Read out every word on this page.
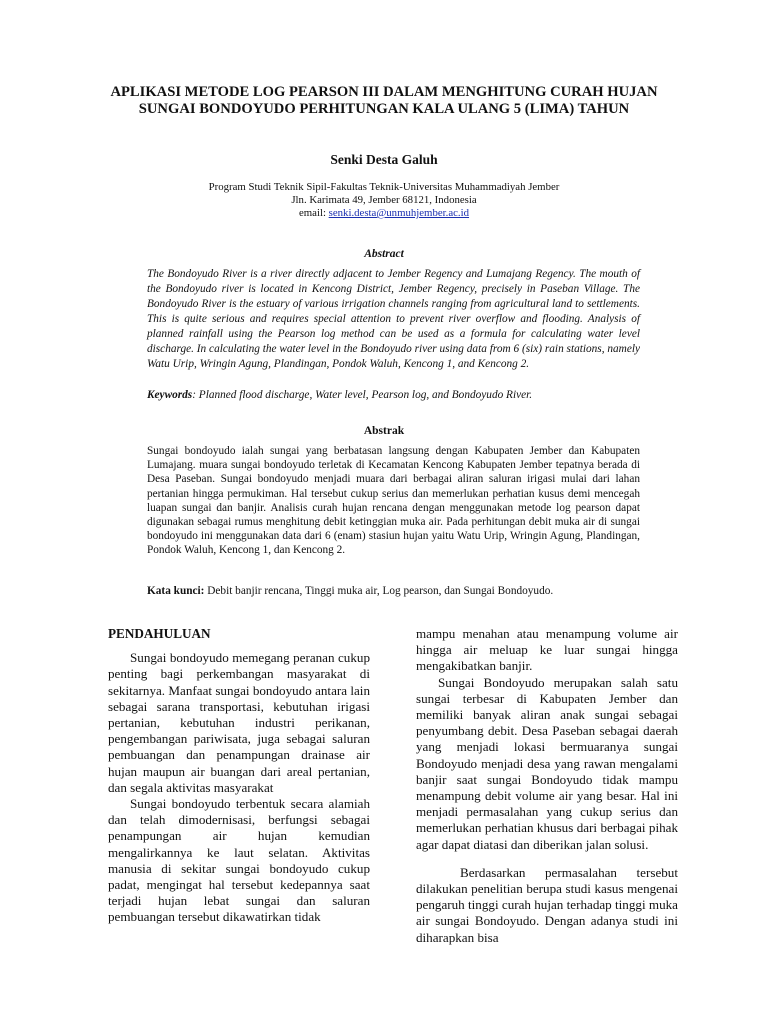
APLIKASI METODE LOG PEARSON III DALAM MENGHITUNG CURAH HUJAN SUNGAI BONDOYUDO PERHITUNGAN KALA ULANG 5 (LIMA) TAHUN
Senki Desta Galuh
Program Studi Teknik Sipil-Fakultas Teknik-Universitas Muhammadiyah Jember
Jln. Karimata 49, Jember 68121, Indonesia
email: senki.desta@unmuhjember.ac.id
Abstract

The Bondoyudo River is a river directly adjacent to Jember Regency and Lumajang Regency. The mouth of the Bondoyudo river is located in Kencong District, Jember Regency, precisely in Paseban Village. The Bondoyudo River is the estuary of various irrigation channels ranging from agricultural land to settlements. This is quite serious and requires special attention to prevent river overflow and flooding. Analysis of planned rainfall using the Pearson log method can be used as a formula for calculating water level discharge. In calculating the water level in the Bondoyudo river using data from 6 (six) rain stations, namely Watu Urip, Wringin Agung, Plandingan, Pondok Waluh, Kencong 1, and Kencong 2.

Keywords: Planned flood discharge, Water level, Pearson log, and Bondoyudo River.

Abstrak

Sungai bondoyudo ialah sungai yang berbatasan langsung dengan Kabupaten Jember dan Kabupaten Lumajang. muara sungai bondoyudo terletak di Kecamatan Kencong Kabupaten Jember tepatnya berada di Desa Paseban. Sungai bondoyudo menjadi muara dari berbagai aliran saluran irigasi mulai dari lahan pertanian hingga permukiman. Hal tersebut cukup serius dan memerlukan perhatian kusus demi mencegah luapan sungai dan banjir. Analisis curah hujan rencana dengan menggunakan metode log pearson dapat digunakan sebagai rumus menghitung debit ketinggian muka air. Pada perhitungan debit muka air di sungai bondoyudo ini menggunakan data dari 6 (enam) stasiun hujan yaitu Watu Urip, Wringin Agung, Plandingan, Pondok Waluh, Kencong 1, dan Kencong 2.

Kata kunci: Debit banjir rencana, Tinggi muka air, Log pearson, dan Sungai Bondoyudo.

PENDAHULUAN

Sungai bondoyudo memegang peranan cukup penting bagi perkembangan masyarakat di sekitarnya. Manfaat sungai bondoyudo antara lain sebagai sarana transportasi, kebutuhan irigasi pertanian, kebutuhan industri perikanan, pengembangan pariwisata, juga sebagai saluran pembuangan dan penampungan drainase air hujan maupun air buangan dari areal pertanian, dan segala aktivitas masyarakat

Sungai bondoyudo terbentuk secara alamiah dan telah dimodernisasi, berfungsi sebagai penampungan air hujan kemudian mengalirkannya ke laut selatan. Aktivitas manusia di sekitar sungai bondoyudo cukup padat, mengingat hal tersebut kedepannya saat terjadi hujan lebat sungai dan saluran pembuangan tersebut dikawatirkan tidak

mampu menahan atau menampung volume air hingga air meluap ke luar sungai hingga mengakibatkan banjir.

Sungai Bondoyudo merupakan salah satu sungai terbesar di Kabupaten Jember dan memiliki banyak aliran anak sungai sebagai penyumbang debit. Desa Paseban sebagai daerah yang menjadi lokasi bermuaranya sungai Bondoyudo menjadi desa yang rawan mengalami banjir saat sungai Bondoyudo tidak mampu menampung debit volume air yang besar. Hal ini menjadi permasalahan yang cukup serius dan memerlukan perhatian khusus dari berbagai pihak agar dapat diatasi dan diberikan jalan solusi.

Berdasarkan permasalahan tersebut dilakukan penelitian berupa studi kasus mengenai pengaruh tinggi curah hujan terhadap tinggi muka air sungai Bondoyudo. Dengan adanya studi ini diharapkan bisa
